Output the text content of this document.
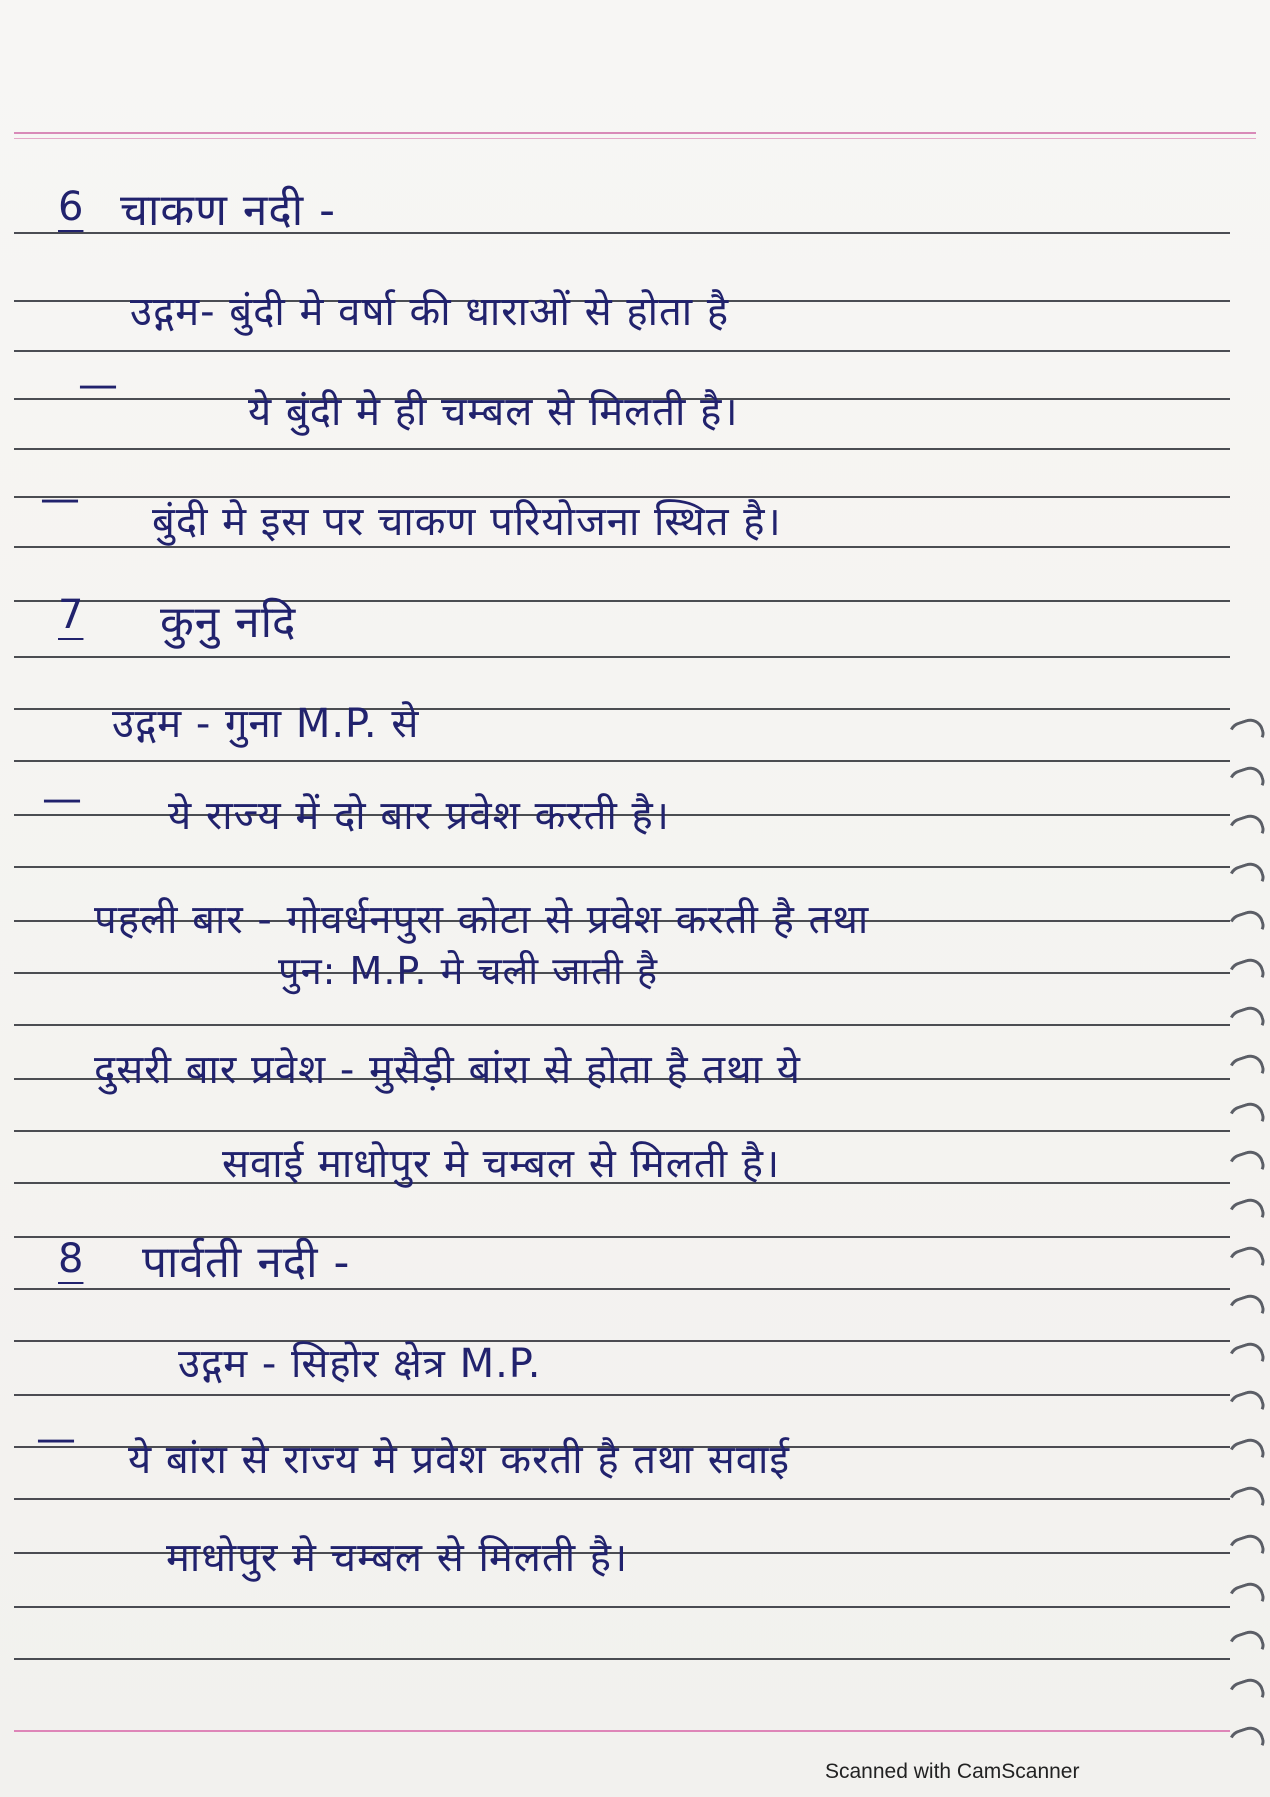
6 चाकण नदी -
उद्गम- बुंदी मे वर्षा की धाराओं से होता है
—
ये बुंदी मे ही चम्बल से मिलती है।
— बुंदी मे इस पर चाकण परियोजना स्थित है।
7 कुनु नदि
उद्गम - गुना M.P. से
— ये राज्य में दो बार प्रवेश करती है।
पहली बार - गोवर्धनपुरा कोटा से प्रवेश करती है तथा
पुन: M.P. मे चली जाती है
दुसरी बार प्रवेश - मुसैड़ी बांरा से होता है तथा ये
सवाई माधोपुर मे चम्बल से मिलती है।
8 पार्वती नदी -
उद्गम - सिहोर क्षेत्र M.P.
— ये बांरा से राज्य मे प्रवेश करती है तथा सवाई
माधोपुर मे चम्बल से मिलती है।
Scanned with CamScanner
